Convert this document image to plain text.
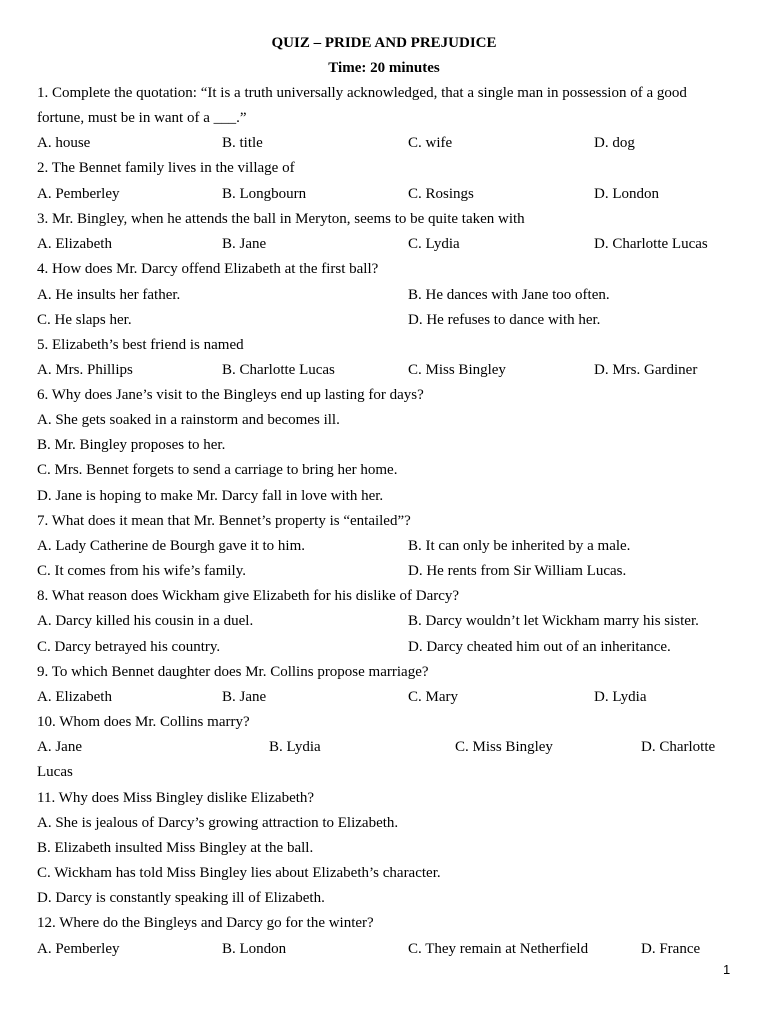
QUIZ – PRIDE AND PREJUDICE
Time: 20 minutes
1. Complete the quotation: “It is a truth universally acknowledged, that a single man in possession of a good
fortune, must be in want of a ___.”
A. house	B. title	C. wife	D. dog
2. The Bennet family lives in the village of
A. Pemberley	B. Longbourn	C. Rosings	D. London
3. Mr. Bingley, when he attends the ball in Meryton, seems to be quite taken with
A. Elizabeth	B. Jane	C. Lydia	D. Charlotte Lucas
4. How does Mr. Darcy offend Elizabeth at the first ball?
A. He insults her father.	B. He dances with Jane too often.
C. He slaps her.	D. He refuses to dance with her.
5. Elizabeth’s best friend is named
A. Mrs. Phillips	B. Charlotte Lucas	C. Miss Bingley	D. Mrs. Gardiner
6. Why does Jane’s visit to the Bingleys end up lasting for days?
A. She gets soaked in a rainstorm and becomes ill.
B. Mr. Bingley proposes to her.
C. Mrs. Bennet forgets to send a carriage to bring her home.
D. Jane is hoping to make Mr. Darcy fall in love with her.
7. What does it mean that Mr. Bennet’s property is “entailed”?
A. Lady Catherine de Bourgh gave it to him.	B. It can only be inherited by a male.
C. It comes from his wife’s family.	D. He rents from Sir William Lucas.
8. What reason does Wickham give Elizabeth for his dislike of Darcy?
A. Darcy killed his cousin in a duel.	B. Darcy wouldn’t let Wickham marry his sister.
C. Darcy betrayed his country.	D. Darcy cheated him out of an inheritance.
9. To which Bennet daughter does Mr. Collins propose marriage?
A. Elizabeth	B. Jane	C. Mary	D. Lydia
10. Whom does Mr. Collins marry?
A. Jane	B. Lydia	C. Miss Bingley	D. Charlotte
Lucas
11. Why does Miss Bingley dislike Elizabeth?
A. She is jealous of Darcy’s growing attraction to Elizabeth.
B. Elizabeth insulted Miss Bingley at the ball.
C. Wickham has told Miss Bingley lies about Elizabeth’s character.
D. Darcy is constantly speaking ill of Elizabeth.
12. Where do the Bingleys and Darcy go for the winter?
A. Pemberley	B. London	C. They remain at Netherfield	D. France
1
